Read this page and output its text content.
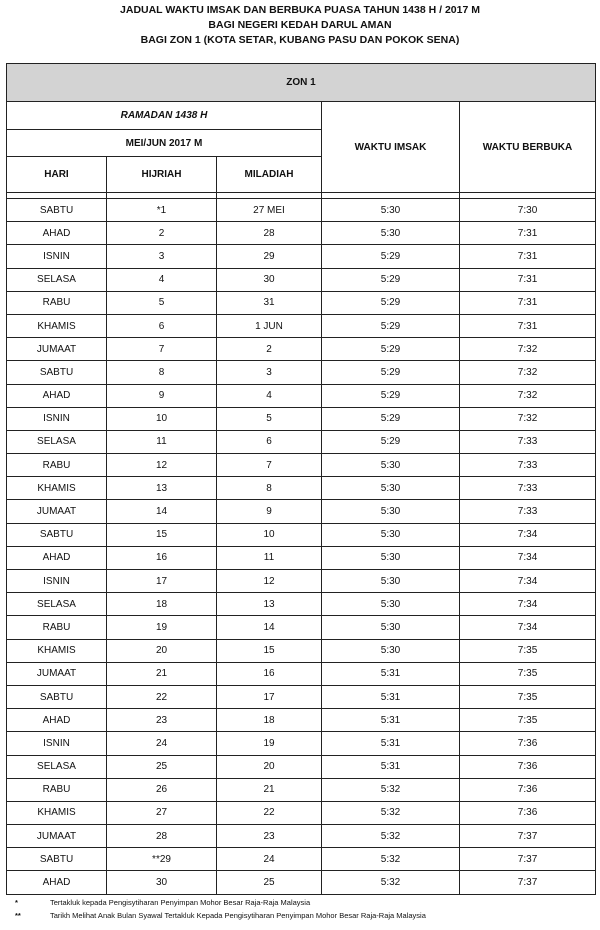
JADUAL WAKTU IMSAK DAN BERBUKA PUASA TAHUN 1438 H / 2017 M
BAGI NEGERI KEDAH DARUL AMAN
BAGI ZON 1 (KOTA SETAR, KUBANG PASU DAN POKOK SENA)
ZON 1				
RAMADAN 1438 H			WAKTU IMSAK	WAKTU BERBUKA
MEI/JUN 2017 M				
HARI	HIJRIAH	MILADIAH		

SABTU	*1	27 MEI	5:30	7:30
AHAD	2	28	5:30	7:31
ISNIN	3	29	5:29	7:31
SELASA	4	30	5:29	7:31
RABU	5	31	5:29	7:31
KHAMIS	6	1 JUN	5:29	7:31
JUMAAT	7	2	5:29	7:32
SABTU	8	3	5:29	7:32
AHAD	9	4	5:29	7:32
ISNIN	10	5	5:29	7:32
SELASA	11	6	5:29	7:33
RABU	12	7	5:30	7:33
KHAMIS	13	8	5:30	7:33
JUMAAT	14	9	5:30	7:33
SABTU	15	10	5:30	7:34
AHAD	16	11	5:30	7:34
ISNIN	17	12	5:30	7:34
SELASA	18	13	5:30	7:34
RABU	19	14	5:30	7:34
KHAMIS	20	15	5:30	7:35
JUMAAT	21	16	5:31	7:35
SABTU	22	17	5:31	7:35
AHAD	23	18	5:31	7:35
ISNIN	24	19	5:31	7:36
SELASA	25	20	5:31	7:36
RABU	26	21	5:32	7:36
KHAMIS	27	22	5:32	7:36
JUMAAT	28	23	5:32	7:37
SABTU	**29	24	5:32	7:37
AHAD	30	25	5:32	7:37
*	Tertakluk kepada Pengisytiharan Penyimpan Mohor Besar Raja-Raja Malaysia
**	Tarikh Melihat Anak Bulan Syawal Tertakluk Kepada Pengisytiharan Penyimpan Mohor Besar Raja-Raja Malaysia
